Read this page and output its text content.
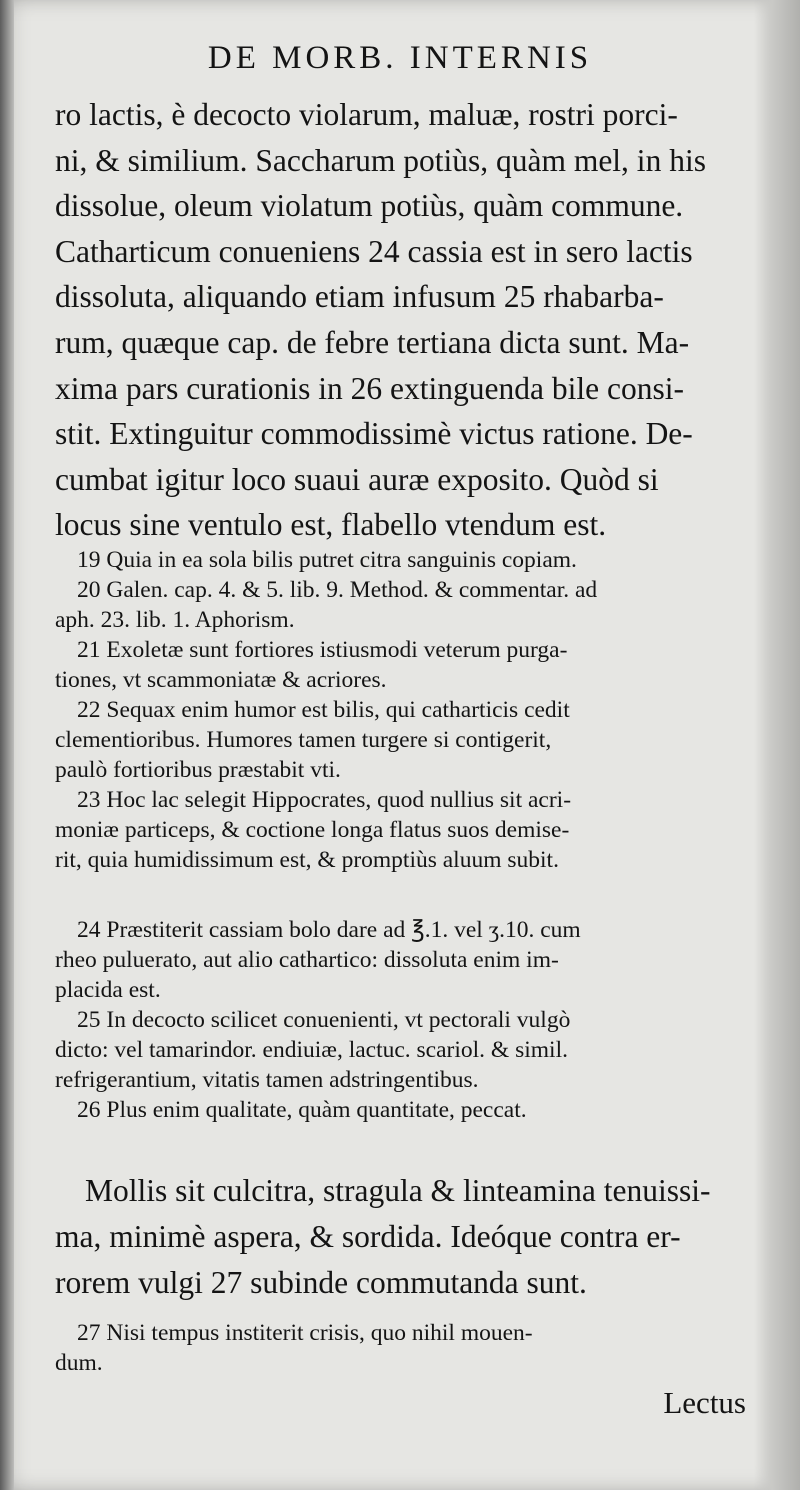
DE MORB. INTERNIS
ro lactis, è decocto violarum, maluæ, rostri porci-
ni, & similium. Saccharum potiùs, quàm mel, in his
dissolue, oleum violatum potiùs, quàm commune.
Catharticum conueniens 24 cassia est in sero lactis
dissoluta, aliquando etiam infusum 25 rhabarba-
rum, quæque cap. de febre tertiana dicta sunt. Ma-
xima pars curationis in 26 extinguenda bile consi-
stit. Extinguitur commodissimè victus ratione. De-
cumbat igitur loco suaui auræ exposito. Quòd si
locus sine ventulo est, flabello vtendum est.
19 Quia in ea sola bilis putret citra sanguinis copiam.
20 Galen. cap. 4. & 5. lib. 9. Method. & commentar. ad
aph. 23. lib. 1. Aphorism.
21 Exoletæ sunt fortiores istiusmodi veterum purga-
tiones, vt scammoniatæ & acriores.
22 Sequax enim humor est bilis, qui catharticis cedit
clementioribus. Humores tamen turgere si contigerit,
paulò fortioribus præstabit vti.
23 Hoc lac selegit Hippocrates, quod nullius sit acri-
moniæ particeps, & coctione longa flatus suos demise-
rit, quia humidissimum est, & promptiùs aluum subit.
24 Præstiterit cassiam bolo dare ad ℥.1. vel ʒ.10. cum
rheo puluerato, aut alio cathartico: dissoluta enim im-
placida est.
25 In decocto scilicet conuenienti, vt pectorali vulgò
dicto: vel tamarindor. endiuiæ, lactuc. scariol. & simil.
refrigerantium, vitatis tamen adstringentibus.
26 Plus enim qualitate, quàm quantitate, peccat.
Mollis sit culcitra, stragula & linteamina tenuissi-
ma, minimè aspera, & sordida. Ideóque contra er-
rorem vulgi 27 subinde commutanda sunt.
27 Nisi tempus institerit crisis, quo nihil mouen-
dum.
Lectus
